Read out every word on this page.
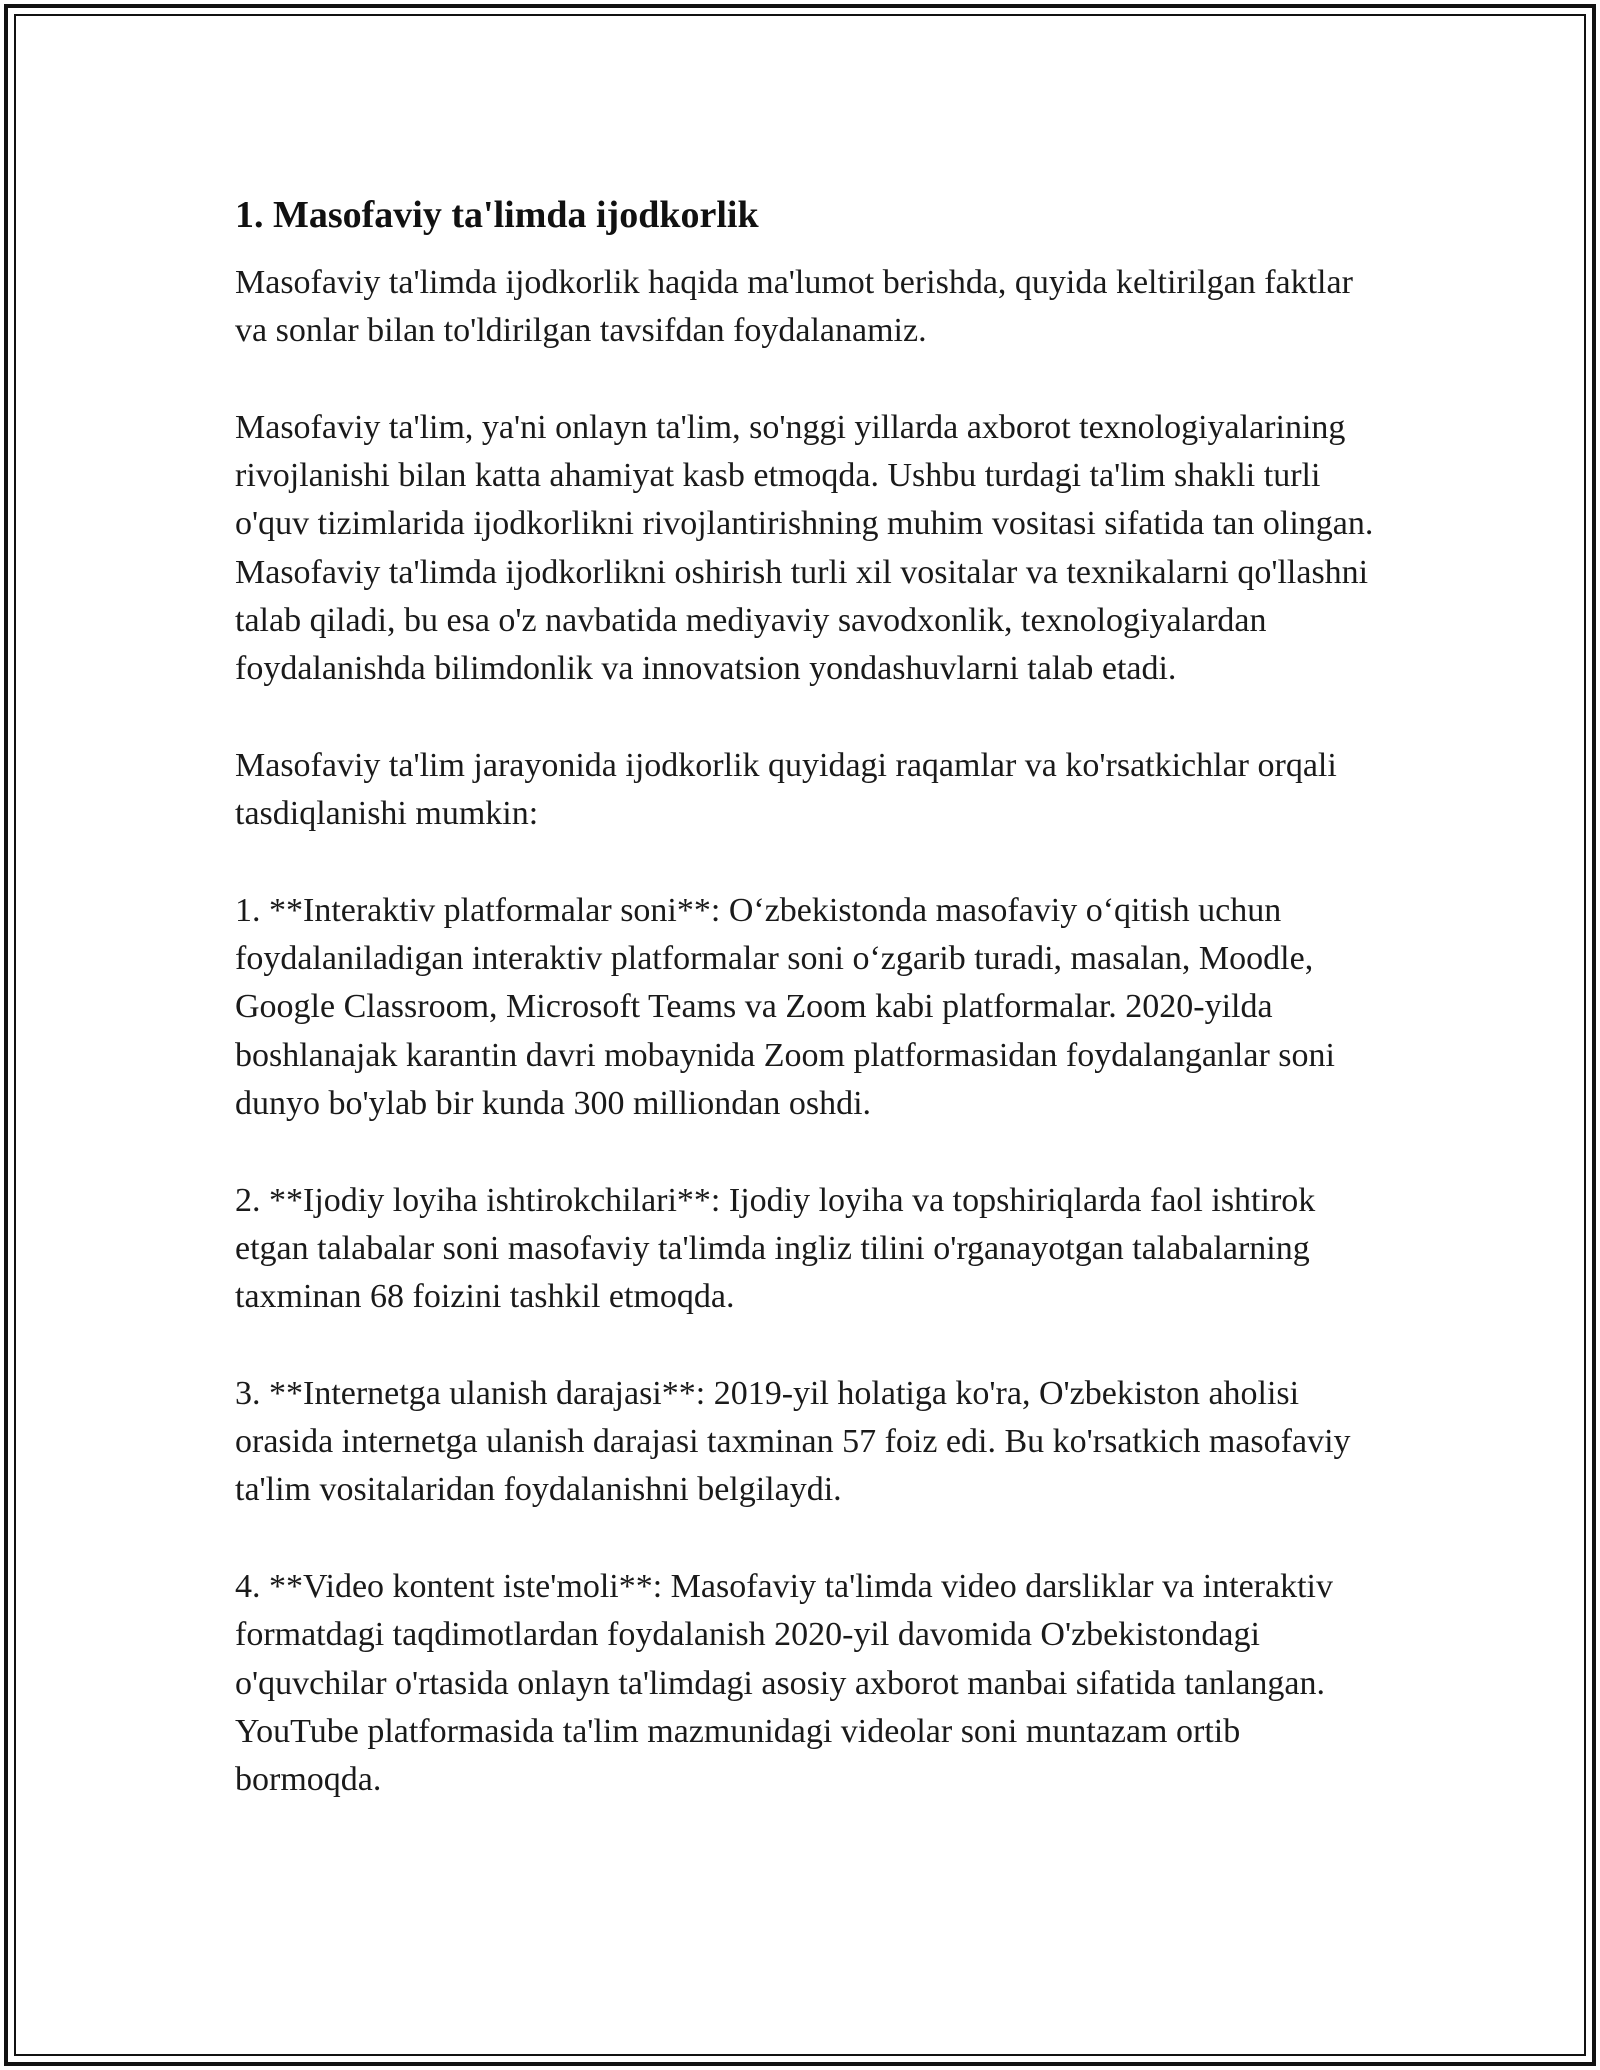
1. Masofaviy ta'limda ijodkorlik

Masofaviy ta'limda ijodkorlik haqida ma'lumot berishda, quyida keltirilgan faktlar va sonlar bilan to'ldirilgan tavsifdan foydalanamiz.

Masofaviy ta'lim, ya'ni onlayn ta'lim, so'nggi yillarda axborot texnologiyalarining rivojlanishi bilan katta ahamiyat kasb etmoqda. Ushbu turdagi ta'lim shakli turli o'quv tizimlarida ijodkorlikni rivojlantirishning muhim vositasi sifatida tan olingan. Masofaviy ta'limda ijodkorlikni oshirish turli xil vositalar va texnikalarni qo'llashni talab qiladi, bu esa o'z navbatida mediyaviy savodxonlik, texnologiyalardan foydalanishda bilimdonlik va innovatsion yondashuvlarni talab etadi.

Masofaviy ta'lim jarayonida ijodkorlik quyidagi raqamlar va ko'rsatkichlar orqali tasdiqlanishi mumkin:

1. **Interaktiv platformalar soni**: O‘zbekistonda masofaviy o‘qitish uchun foydalaniladigan interaktiv platformalar soni o‘zgarib turadi, masalan, Moodle, Google Classroom, Microsoft Teams va Zoom kabi platformalar. 2020-yilda boshlanajak karantin davri mobaynida Zoom platformasidan foydalanganlar soni dunyo bo'ylab bir kunda 300 milliondan oshdi.

2. **Ijodiy loyiha ishtirokchilari**: Ijodiy loyiha va topshiriqlarda faol ishtirok etgan talabalar soni masofaviy ta'limda ingliz tilini o'rganayotgan talabalarning taxminan 68 foizini tashkil etmoqda.

3. **Internetga ulanish darajasi**: 2019-yil holatiga ko'ra, O'zbekiston aholisi orasida internetga ulanish darajasi taxminan 57 foiz edi. Bu ko'rsatkich masofaviy ta'lim vositalaridan foydalanishni belgilaydi.

4. **Video kontent iste'moli**: Masofaviy ta'limda video darsliklar va interaktiv formatdagi taqdimotlardan foydalanish 2020-yil davomida O'zbekistondagi o'quvchilar o'rtasida onlayn ta'limdagi asosiy axborot manbai sifatida tanlangan. YouTube platformasida ta'lim mazmunidagi videolar soni muntazam ortib bormoqda.
